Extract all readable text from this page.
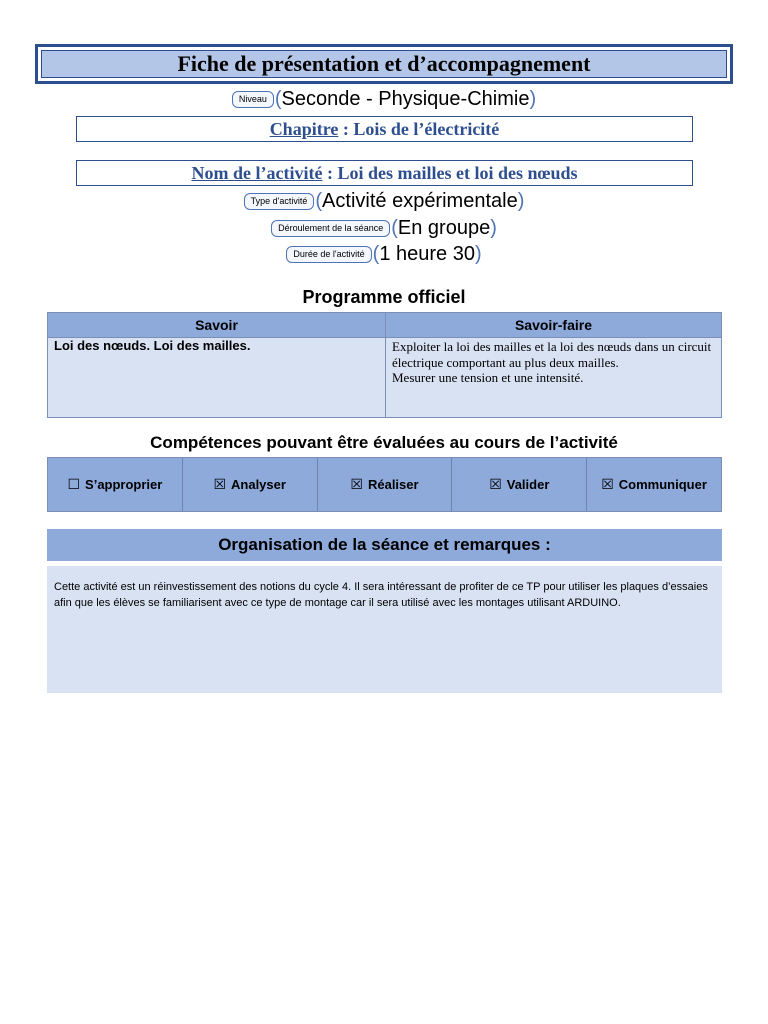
Fiche de présentation et d’accompagnement
Niveau ( Seconde - Physique-Chimie )
Chapitre : Lois de l’électricité
Nom de l’activité : Loi des mailles et loi des nœuds
Type d'activité ( Activité expérimentale )
Déroulement de la séance ( En groupe )
Durée de l'activité ( 1 heure 30 )
Programme officiel
Savoir	Savoir-faire
Loi des nœuds. Loi des mailles.	Exploiter la loi des mailles et la loi des nœuds dans un circuit électrique comportant au plus deux mailles.
Mesurer une tension et une intensité.
Compétences pouvant être évaluées au cours de l’activité
☐ S’approprier	☒ Analyser	☒ Réaliser	☒ Valider	☒ Communiquer
Organisation de la séance et remarques :
Cette activité est un réinvestissement des notions du cycle 4. Il sera intéressant de profiter de ce TP pour utiliser les plaques d’essaies afin que les élèves se familiarisent avec ce type de montage car il sera utilisé avec les montages utilisant ARDUINO.
